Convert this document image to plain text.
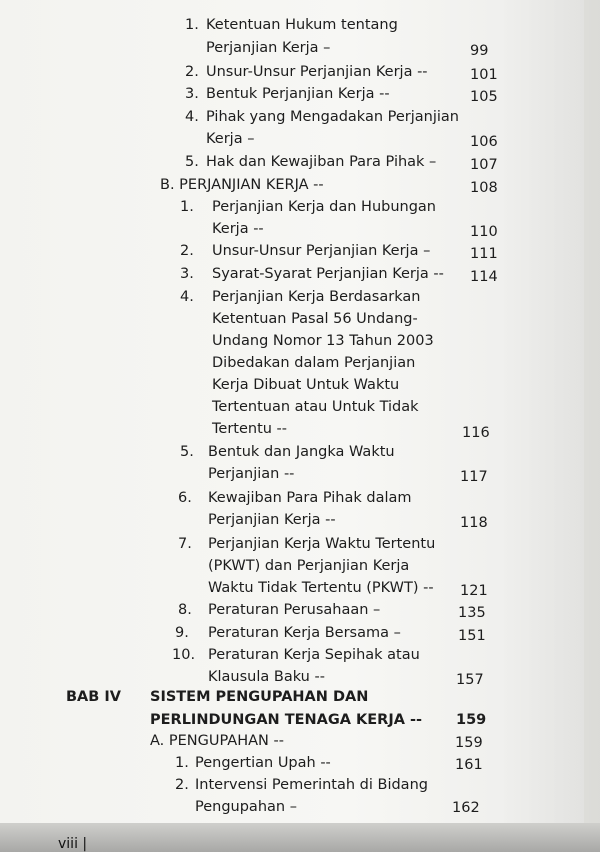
1. Ketentuan Hukum tentang
Perjanjian Kerja –	99
2. Unsur-Unsur Perjanjian Kerja --	101
3. Bentuk Perjanjian Kerja --	105
4. Pihak yang Mengadakan Perjanjian
Kerja –	106
5. Hak dan Kewajiban Para Pihak – 107
B. PERJANJIAN KERJA --	108
1. Perjanjian Kerja dan Hubungan
Kerja --	110
2. Unsur-Unsur Perjanjian Kerja –	111
3. Syarat-Syarat Perjanjian Kerja -- 114
4. Perjanjian Kerja Berdasarkan
Ketentuan Pasal 56 Undang-
Undang Nomor 13 Tahun 2003
Dibedakan dalam Perjanjian
Kerja Dibuat Untuk Waktu
Tertentuan atau Untuk Tidak
Tertentu --	116
5. Bentuk dan Jangka Waktu
Perjanjian --	117
6. Kewajiban Para Pihak dalam
Perjanjian Kerja --	118
7. Perjanjian Kerja Waktu Tertentu
(PKWT) dan Perjanjian Kerja
Waktu Tidak Tertentu (PKWT) -- 121
8. Peraturan Perusahaan –	135
9. Peraturan Kerja Bersama –	151
10. Peraturan Kerja Sepihak atau
Klausula Baku --	157
BAB IV SISTEM PENGUPAHAN DAN
PERLINDUNGAN TENAGA KERJA -- 159
A. PENGUPAHAN --	159
1. Pengertian Upah --	161
2. Intervensi Pemerintah di Bidang
Pengupahan –	162
viii |
